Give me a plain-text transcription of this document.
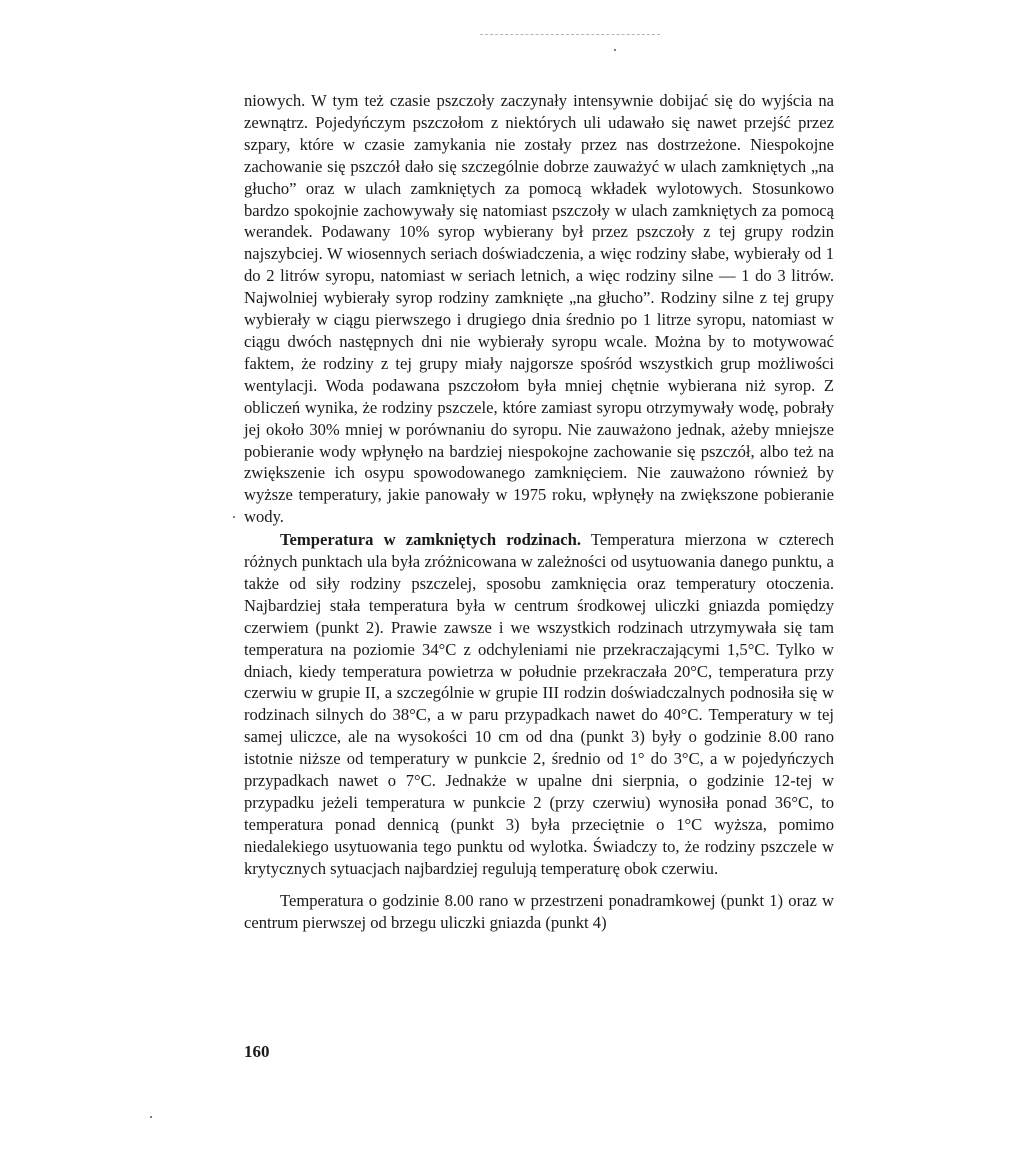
niowych. W tym też czasie pszczoły zaczynały intensywnie dobijać się do wyjścia na zewnątrz. Pojedyńczym pszczołom z niektórych uli udawało się nawet przejść przez szpary, które w czasie zamykania nie zostały przez nas dostrzeżone. Niespokojne zachowanie się pszczół dało się szczególnie dobrze zauważyć w ulach zamkniętych „na głucho” oraz w ulach zamkniętych za pomocą wkładek wylotowych. Stosunkowo bardzo spokojnie zachowywały się natomiast pszczoły w ulach zamkniętych za pomocą werandek. Podawany 10% syrop wybierany był przez pszczoły z tej grupy rodzin najszybciej. W wiosennych seriach doświadczenia, a więc rodziny słabe, wybierały od 1 do 2 litrów syropu, natomiast w seriach letnich, a więc rodziny silne — 1 do 3 litrów. Najwolniej wybierały syrop rodziny zamknięte „na głucho”. Rodziny silne z tej grupy wybierały w ciągu pierwszego i drugiego dnia średnio po 1 litrze syropu, natomiast w ciągu dwóch następnych dni nie wybierały syropu wcale. Można by to motywować faktem, że rodziny z tej grupy miały najgorsze spośród wszystkich grup możliwości wentylacji. Woda podawana pszczołom była mniej chętnie wybierana niż syrop. Z obliczeń wynika, że rodziny pszczele, które zamiast syropu otrzymywały wodę, pobrały jej około 30% mniej w porównaniu do syropu. Nie zauważono jednak, ażeby mniejsze pobieranie wody wpłynęło na bardziej niespokojne zachowanie się pszczół, albo też na zwiększenie ich osypu spowodowanego zamknięciem. Nie zauważono również by wyższe temperatury, jakie panowały w 1975 roku, wpłynęły na zwiększone pobieranie wody.

Temperatura w zamkniętych rodzinach. Temperatura mierzona w czterech różnych punktach ula była zróżnicowana w zależności od usytuowania danego punktu, a także od siły rodziny pszczelej, sposobu zamknięcia oraz temperatury otoczenia. Najbardziej stała temperatura była w centrum środkowej uliczki gniazda pomiędzy czerwiem (punkt 2). Prawie zawsze i we wszystkich rodzinach utrzymywała się tam temperatura na poziomie 34°C z odchyleniami nie przekraczającymi 1,5°C. Tylko w dniach, kiedy temperatura powietrza w południe przekraczała 20°C, temperatura przy czerwiu w grupie II, a szczególnie w grupie III rodzin doświadczalnych podnosiła się w rodzinach silnych do 38°C, a w paru przypadkach nawet do 40°C. Temperatury w tej samej uliczce, ale na wysokości 10 cm od dna (punkt 3) były o godzinie 8.00 rano istotnie niższe od temperatury w punkcie 2, średnio od 1° do 3°C, a w pojedyńczych przypadkach nawet o 7°C. Jednakże w upalne dni sierpnia, o godzinie 12-tej w przypadku jeżeli temperatura w punkcie 2 (przy czerwiu) wynosiła ponad 36°C, to temperatura ponad dennicą (punkt 3) była przeciętnie o 1°C wyższa, pomimo niedalekiego usytuowania tego punktu od wylotka. Świadczy to, że rodziny pszczele w krytycznych sytuacjach najbardziej regulują temperaturę obok czerwiu.

Temperatura o godzinie 8.00 rano w przestrzeni ponadramkowej (punkt 1) oraz w centrum pierwszej od brzegu uliczki gniazda (punkt 4)

160
